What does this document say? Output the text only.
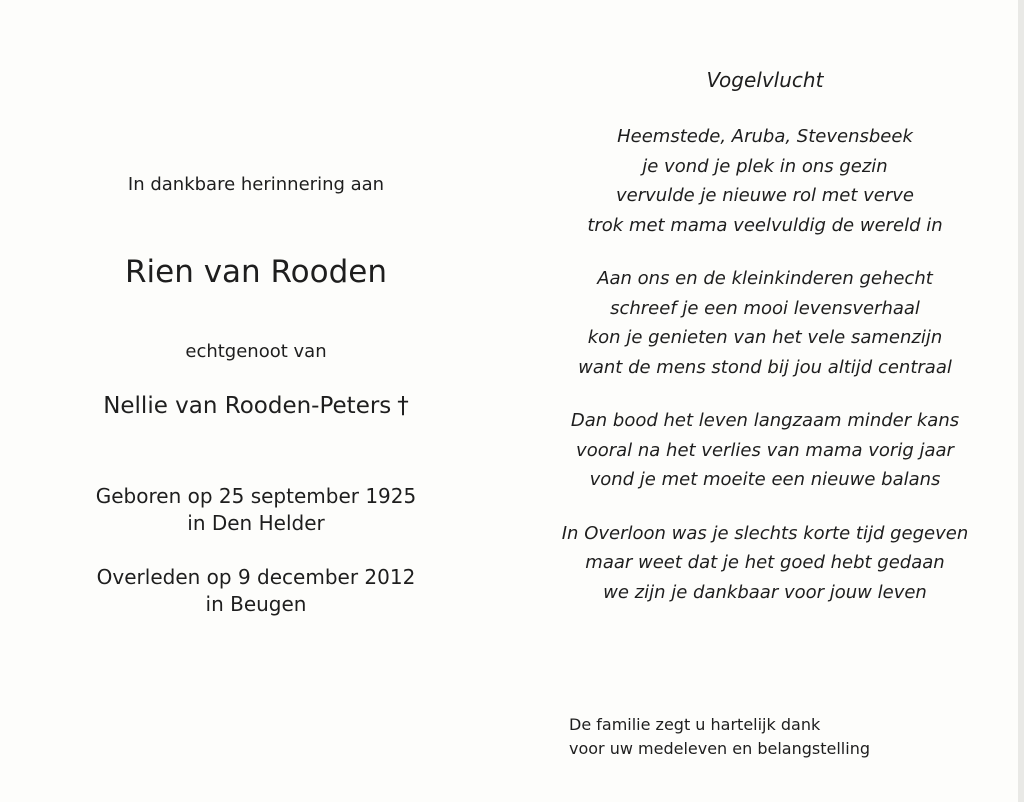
In dankbare herinnering aan
Rien van Rooden
echtgenoot van
Nellie van Rooden-Peters †
Geboren op 25 september 1925
in Den Helder
Overleden op 9 december 2012
in Beugen
Vogelvlucht
Heemstede, Aruba, Stevensbeek
je vond je plek in ons gezin
vervulde je nieuwe rol met verve
trok met mama veelvuldig de wereld in
Aan ons en de kleinkinderen gehecht
schreef je een mooi levensverhaal
kon je genieten van het vele samenzijn
want de mens stond bij jou altijd centraal
Dan bood het leven langzaam minder kans
vooral na het verlies van mama vorig jaar
vond je met moeite een nieuwe balans
In Overloon was je slechts korte tijd gegeven
maar weet dat je het goed hebt gedaan
we zijn je dankbaar voor jouw leven
De familie zegt u hartelijk dank
voor uw medeleven en belangstelling
